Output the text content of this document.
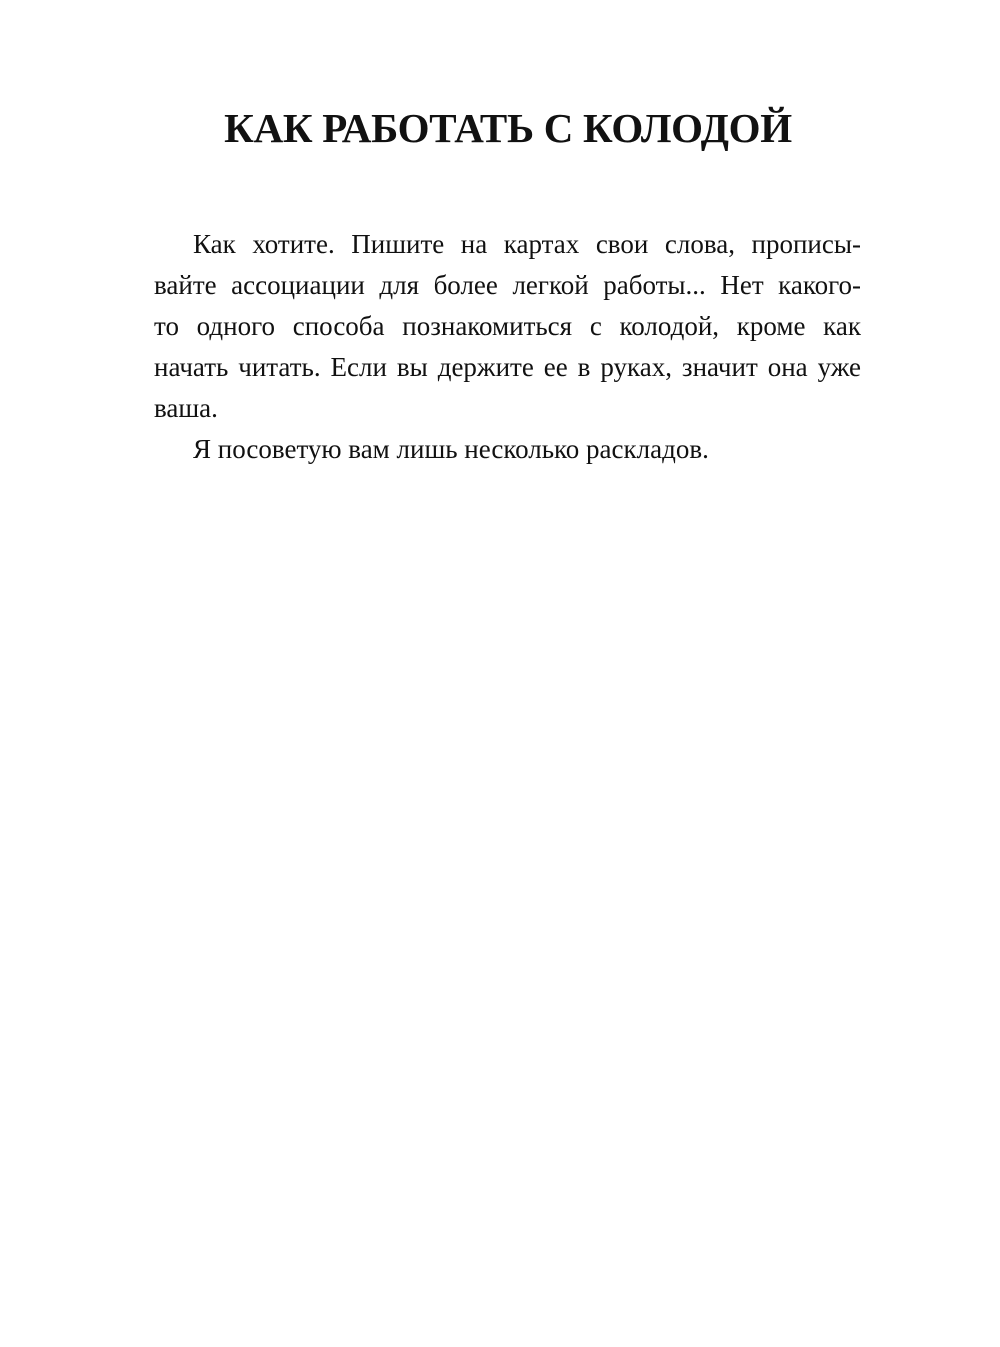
КАК РАБОТАТЬ С КОЛОДОЙ
Как хотите. Пишите на картах свои слова, прописы-
вайте ассоциации для более легкой работы... Нет какого-
то одного способа познакомиться с колодой, кроме как
начать читать. Если вы держите ее в руках, значит она уже
ваша.
Я посоветую вам лишь несколько раскладов.
